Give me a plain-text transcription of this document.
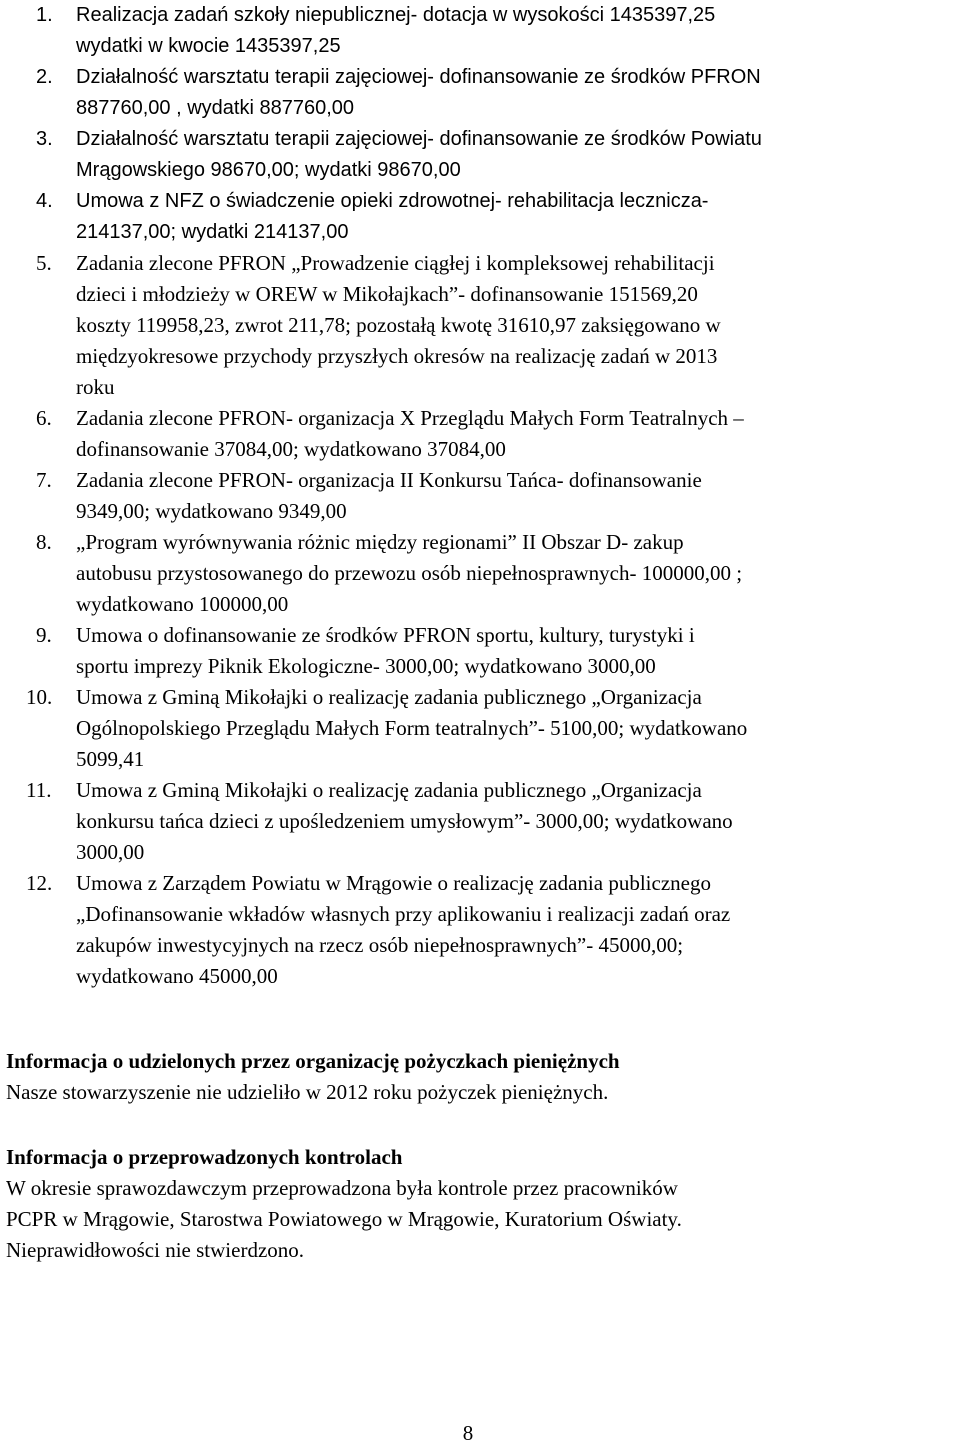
1.	Realizacja zadań szkoły niepublicznej- dotacja w wysokości 1435397,25
wydatki w kwocie 1435397,25
2.	Działalność warsztatu terapii zajęciowej- dofinansowanie ze środków PFRON
887760,00 , wydatki 887760,00
3.	Działalność warsztatu terapii zajęciowej- dofinansowanie ze środków Powiatu
Mrągowskiego 98670,00; wydatki 98670,00
4.	Umowa z NFZ o świadczenie opieki zdrowotnej- rehabilitacja lecznicza-
214137,00; wydatki 214137,00
5.	Zadania zlecone PFRON „Prowadzenie ciągłej i kompleksowej rehabilitacji
dzieci i młodzieży w OREW w Mikołajkach”- dofinansowanie 151569,20
koszty 119958,23, zwrot 211,78; pozostałą kwotę 31610,97 zaksięgowano w
międzyokresowe przychody przyszłych okresów na realizację zadań w 2013
roku
6.	Zadania zlecone PFRON- organizacja X Przeglądu Małych Form Teatralnych –
dofinansowanie 37084,00; wydatkowano 37084,00
7.	Zadania zlecone PFRON- organizacja II Konkursu Tańca- dofinansowanie
9349,00; wydatkowano 9349,00
8.	„Program wyrównywania różnic między regionami” II Obszar D- zakup
autobusu przystosowanego do przewozu osób niepełnosprawnych- 100000,00 ;
wydatkowano 100000,00
9.	Umowa o dofinansowanie ze środków PFRON sportu, kultury, turystyki i
sportu imprezy Piknik Ekologiczne- 3000,00; wydatkowano 3000,00
10.	Umowa z Gminą Mikołajki o realizację zadania publicznego „Organizacja
Ogólnopolskiego Przeglądu Małych Form teatralnych”- 5100,00; wydatkowano
5099,41
11.	Umowa z Gminą Mikołajki o realizację zadania publicznego „Organizacja
konkursu tańca dzieci z upośledzeniem umysłowym”- 3000,00; wydatkowano
3000,00
12.	Umowa z Zarządem Powiatu w Mrągowie o realizację zadania publicznego
„Dofinansowanie wkładów własnych przy aplikowaniu i realizacji zadań oraz
zakupów inwestycyjnych na rzecz osób niepełnosprawnych”- 45000,00;
wydatkowano 45000,00
Informacja o udzielonych przez organizację pożyczkach pieniężnych
Nasze stowarzyszenie nie udzieliło w 2012 roku pożyczek pieniężnych.
Informacja o przeprowadzonych kontrolach
W okresie sprawozdawczym przeprowadzona była kontrole przez pracowników
PCPR w Mrągowie, Starostwa Powiatowego w Mrągowie, Kuratorium Oświaty.
Nieprawidłowości nie stwierdzono.
8
